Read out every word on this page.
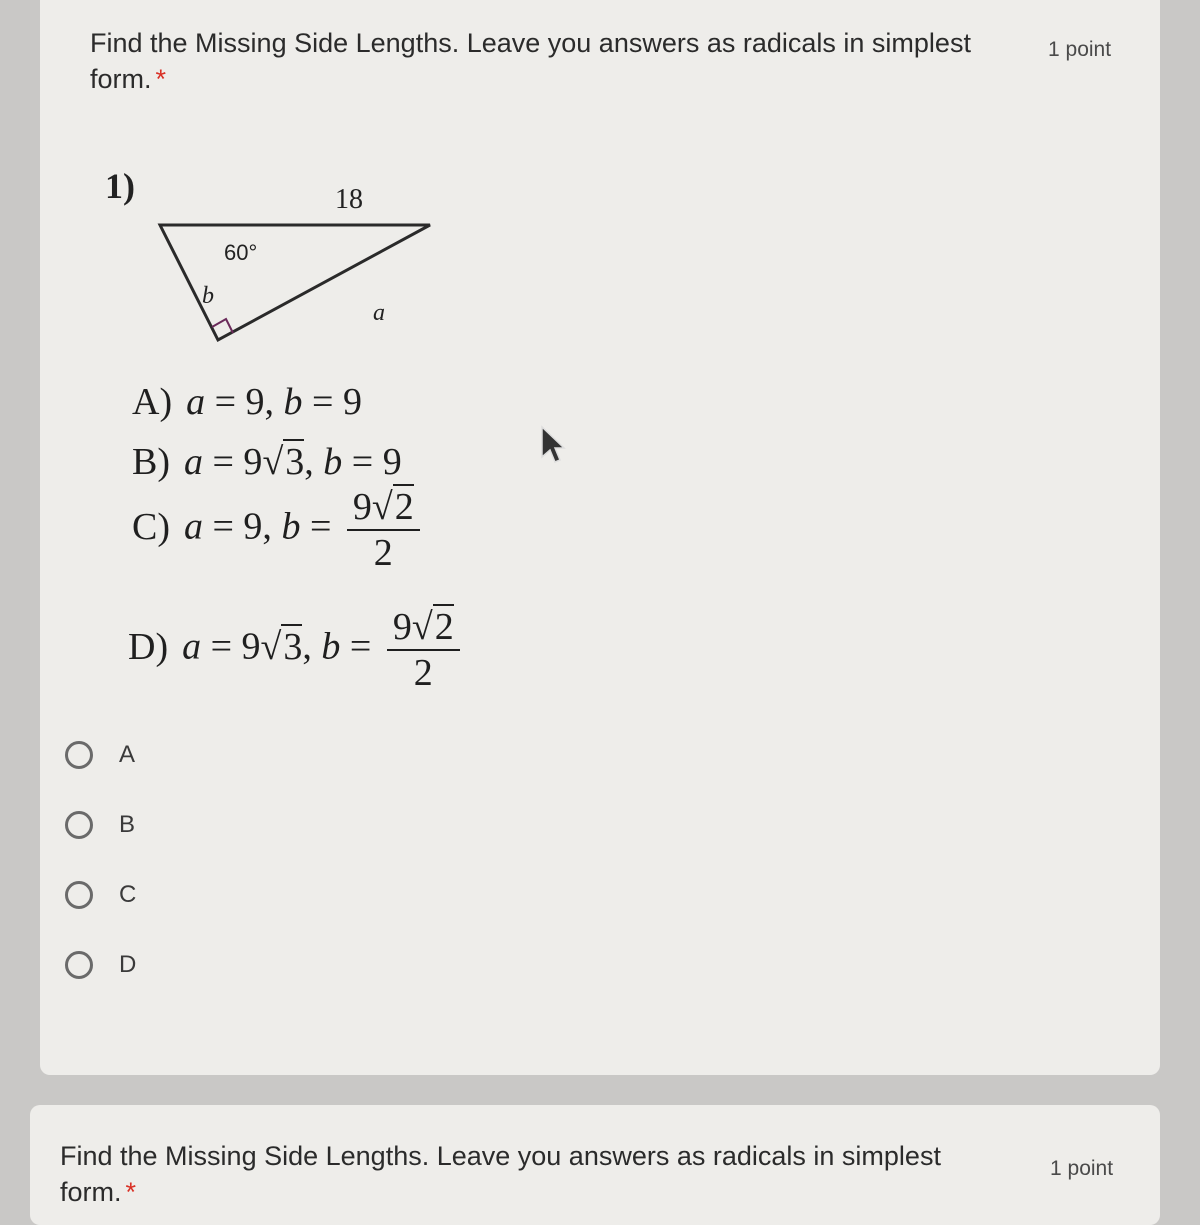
Find the Missing Side Lengths. Leave you answers as radicals in simplest form. *
1 point
1)	18
60°
b
a
A) a = 9, b = 9
B) a = 9√3, b = 9
C) a = 9, $b = \frac{9√2}{2}$
D) a = 9√3, $b = \frac{9√2}{2}$
A
B
C
D
Find the Missing Side Lengths. Leave you answers as radicals in simplest form. *
1 point
